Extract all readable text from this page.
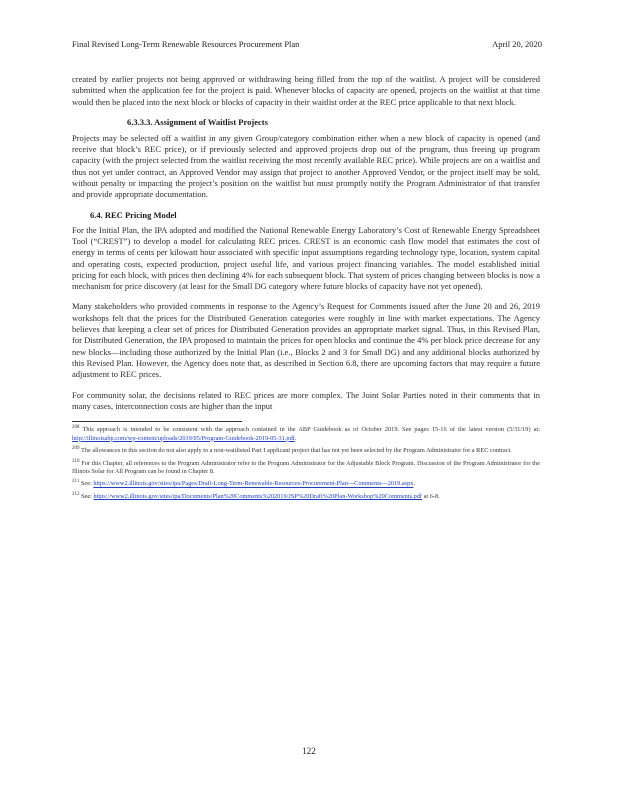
Final Revised Long-Term Renewable Resources Procurement Plan	April 20, 2020

created by earlier projects not being approved or withdrawing being filled from the top of the waitlist. A project will be considered submitted when the application fee for the project is paid. Whenever blocks of capacity are opened, projects on the waitlist at that time would then be placed into the next block or blocks of capacity in their waitlist order at the REC price applicable to that next block.

6.3.3.3. Assignment of Waitlist Projects

Projects may be selected off a waitlist in any given Group/category combination either when a new block of capacity is opened (and receive that block’s REC price), or if previously selected and approved projects drop out of the program, thus freeing up program capacity (with the project selected from the waitlist receiving the most recently available REC price). While projects are on a waitlist and thus not yet under contract, an Approved Vendor may assign that project to another Approved Vendor, or the project itself may be sold, without penalty or impacting the project’s position on the waitlist but must promptly notify the Program Administrator of that transfer and provide appropriate documentation.

6.4. REC Pricing Model

For the Initial Plan, the IPA adopted and modified the National Renewable Energy Laboratory’s Cost of Renewable Energy Spreadsheet Tool (“CREST”) to develop a model for calculating REC prices. CREST is an economic cash flow model that estimates the cost of energy in terms of cents per kilowatt hour associated with specific input assumptions regarding technology type, location, system capital and operating costs, expected production, project useful life, and various project financing variables. The model established initial pricing for each block, with prices then declining 4% for each subsequent block. That system of prices changing between blocks is now a mechanism for price discovery (at least for the Small DG category where future blocks of capacity have not yet opened).

Many stakeholders who provided comments in response to the Agency’s Request for Comments issued after the June 20 and 26, 2019 workshops felt that the prices for the Distributed Generation categories were roughly in line with market expectations. The Agency believes that keeping a clear set of prices for Distributed Generation provides an appropriate market signal. Thus, in this Revised Plan, for Distributed Generation, the IPA proposed to maintain the prices for open blocks and continue the 4% per block price decrease for any new blocks—including those authorized by the Initial Plan (i.e., Blocks 2 and 3 for Small DG) and any additional blocks authorized by this Revised Plan. However, the Agency does note that, as described in Section 6.8, there are upcoming factors that may require a future adjustment to REC prices.

For community solar, the decisions related to REC prices are more complex. The Joint Solar Parties noted in their comments that in many cases, interconnection costs are higher than the input

$^{208}$ This approach is intended to be consistent with the approach contained in the ABP Guidebook as of October 2019. See pages 15-16 of the latest version (5/31/19) at: http://illinoisabp.com/wp-content/uploads/2019/05/Program-Guidebook-2019-05-31.pdf.
$^{209}$ The allowances in this section do not also apply to a non-waitlisted Part I applicant project that has not yet been selected by the Program Administrator for a REC contract.
$^{210}$ For this Chapter, all references to the Program Administrator refer to the Program Administrator for the Adjustable Block Program. Discussion of the Program Administrator for the Illinois Solar for All Program can be found in Chapter 8.
$^{211}$ See: https://www2.illinois.gov/sites/ipa/Pages/Draft-Long-Term-Renewable-Resources-Procurement-Plan---Comments---2019.aspx.
$^{212}$ See: https://www2.illinois.gov/sites/ipa/Documents/Plan%20Comments%202019/JSP%20Draft%20Plan-Workshop%20Comments.pdf at 6-8.
122
